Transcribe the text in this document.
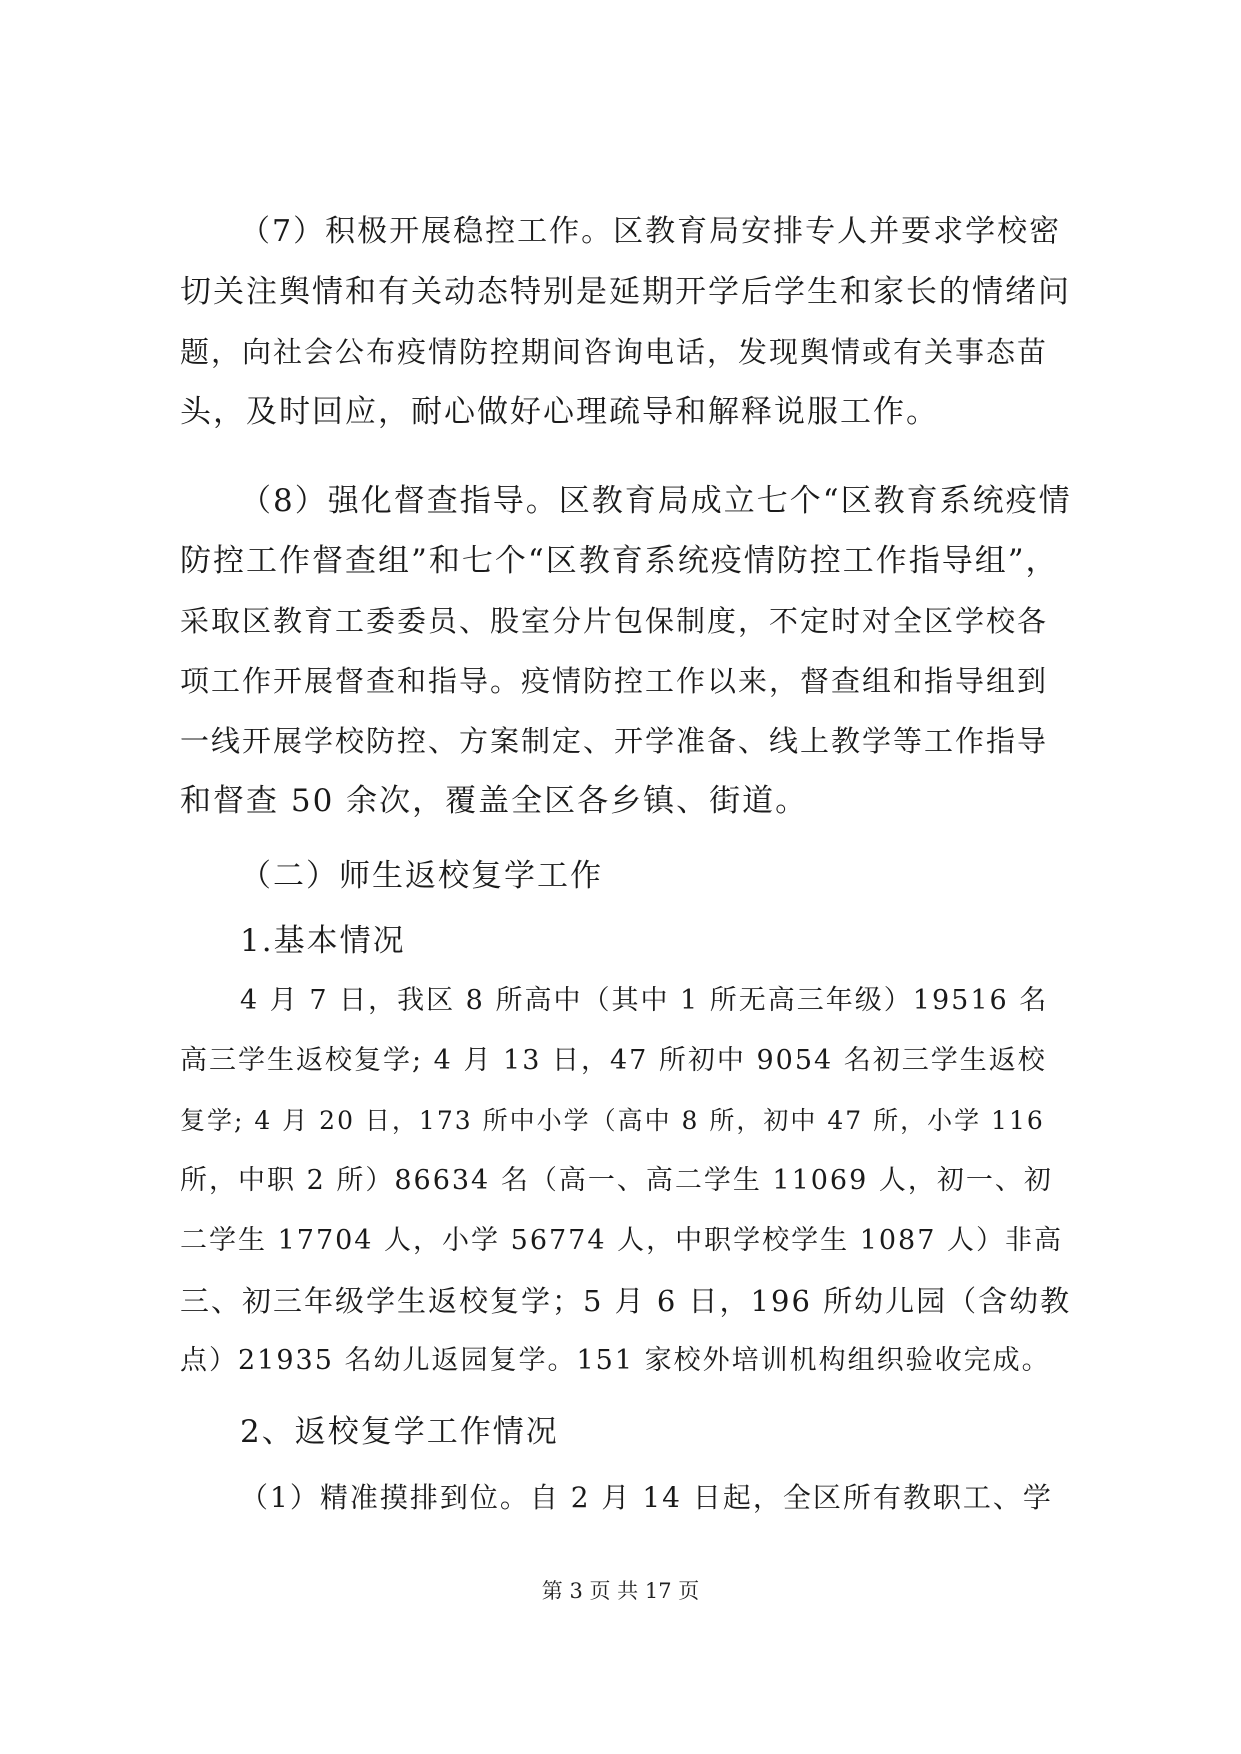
（7）积极开展稳控工作。区教育局安排专人并要求学校密
切关注舆情和有关动态特别是延期开学后学生和家长的情绪问
题，向社会公布疫情防控期间咨询电话，发现舆情或有关事态苗
头，及时回应，耐心做好心理疏导和解释说服工作。
（8）强化督查指导。区教育局成立七个“区教育系统疫情
防控工作督查组”和七个“区教育系统疫情防控工作指导组”，
采取区教育工委委员、股室分片包保制度，不定时对全区学校各
项工作开展督查和指导。疫情防控工作以来，督查组和指导组到
一线开展学校防控、方案制定、开学准备、线上教学等工作指导
和督查 50 余次，覆盖全区各乡镇、街道。
（二）师生返校复学工作
1.基本情况
4 月 7 日，我区 8 所高中（其中 1 所无高三年级）19516 名
高三学生返校复学; 4 月 13 日，47 所初中 9054 名初三学生返校
复学; 4 月 20 日，173 所中小学（高中 8 所，初中 47 所，小学 116
所，中职 2 所）86634 名（高一、高二学生 11069 人，初一、初
二学生 17704 人，小学 56774 人，中职学校学生 1087 人）非高
三、初三年级学生返校复学；5 月 6 日，196 所幼儿园（含幼教
点）21935 名幼儿返园复学。151 家校外培训机构组织验收完成。
2、返校复学工作情况
（1）精准摸排到位。自 2 月 14 日起，全区所有教职工、学
第 3 页 共 17 页
